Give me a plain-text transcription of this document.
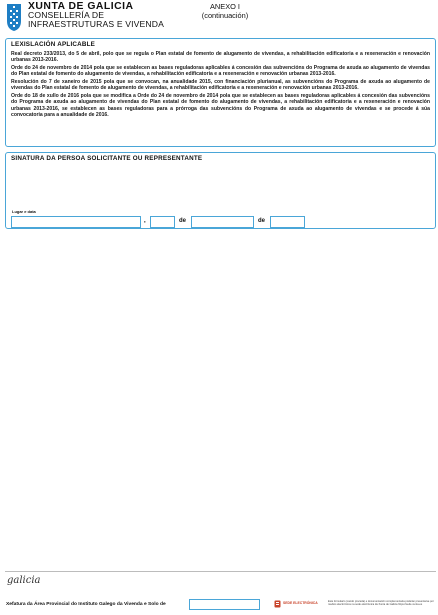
XUNTA DE GALICIA
CONSELLERÍA DE
INFRAESTRUTURAS E VIVENDA
ANEXO I
(continuación)
LEXISLACIÓN APLICABLE

Real decreto 233/2013, do 5 de abril, polo que se regula o Plan estatal de fomento de alugamento de vivendas, a rehabilitación edificatoria e a rexeneración e renovación urbanas 2013-2016.

Orde do 24 de novembro de 2014 pola que se establecen as bases reguladoras aplicables á concesión das subvencións do Programa de axuda ao alugamento de vivendas do Plan estatal de fomento do alugamento de vivendas, a rehabilitación edificatoria e a rexeneración e renovación urbanas 2013-2016.

Resolución do 7 de xaneiro de 2015 pola que se convocan, na anualidade 2015, con financiación plurianual, as subvencións do Programa de axuda ao alugamento de vivendas do Plan estatal de fomento de alugamento de vivendas, a rehabilitación edificatoria e a rexeneración e renovación urbanas 2013-2016.

Orde do 18 de xullo de 2016 pola que se modifica a Orde do 24 de novembro de 2014 pola que se establecen as bases reguladoras aplicables á concesión das subvencións do Programa de axuda ao alugamento de vivendas do Plan estatal de fomento do alugamento de vivendas, a rehabilitación edificatoria e a rexeneración e renovación urbanas 2013-2016, se establecen as bases reguladoras para a prórroga das subvencións do Programa de axuda ao alugamento de vivendas e se procede á súa convocatoria para a anualidade de 2016.

SINATURA DA PERSOA SOLICITANTE OU REPRESENTANTE
Lugar e data
,	de	de
galicia
Xefatura da Área Provincial do Instituto Galego da Vivenda e Solo de	SEDE ELECTRÓNICA	Este formulario (cando proceda) e documentación complementaria poderán presentarse por medios electrónicos na sede electrónica da Xunta de Galicia https://sede.xunta.es
